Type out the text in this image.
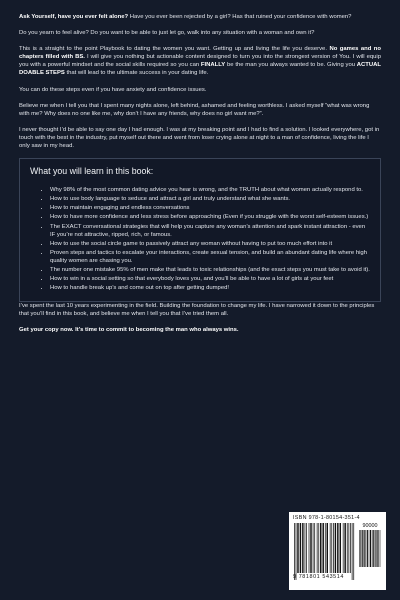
Ask Yourself, have you ever felt alone? Have you ever been rejected by a girl? Has that ruined your confidence with women?

Do you yearn to feel alive? Do you want to be able to just let go, walk into any situation with a woman and own it?

This is a straight to the point Playbook to dating the women you want. Getting up and living the life you deserve. No games and no chapters filled with BS. I will give you nothing but actionable content designed to turn you into the strongest version of You. I will equip you with a powerful mindset and the social skills required so you can FINALLY be the man you always wanted to be. Giving you ACTUAL DOABLE STEPS that will lead to the ultimate success in your dating life.

You can do these steps even if you have anxiety and confidence issues.

Believe me when I tell you that I spent many nights alone, left behind, ashamed and feeling worthless. I asked myself “what was wrong with me? Why does no one like me, why don’t I have any friends, why does no girl want me?”.

I never thought I’d be able to say one day I had enough. I was at my breaking point and I had to find a solution. I looked everywhere, got in touch with the best in the industry, put myself out there and went from loser crying alone at night to a man of confidence, living the life I only saw in my head.

What you will learn in this book:
• Why 98% of the most common dating advice you hear is wrong, and the TRUTH about what women actually respond to.
• How to use body language to seduce and attract a girl and truly understand what she wants.
• How to maintain engaging and endless conversations
• How to have more confidence and less stress before approaching (Even if you struggle with the worst self-esteem issues.)
• The EXACT conversational strategies that will help you capture any woman’s attention and spark instant attraction - even IF you’re not attractive, ripped, rich, or famous.
• How to use the social circle game to passively attract any woman without having to put too much effort into it
• Proven steps and tactics to escalate your interactions, create sexual tension, and build an abundant dating life where high quality women are chasing you.
• The number one mistake 95% of men make that leads to toxic relationships (and the exact steps you must take to avoid it).
• How to win in a social setting so that everybody loves you, and you’ll be able to have a lot of girls at your feet
• How to handle break up’s and come out on top after getting dumped!

I’ve spent the last 10 years experimenting in the field. Building the foundation to change my life. I have narrowed it down to the principles that you’ll find in this book, and believe me when I tell you that I’ve tried them all.

Get your copy now. It’s time to commit to becoming the man who always wins.

ISBN 978-1-80154-351-4
90000
9 781801 543514
